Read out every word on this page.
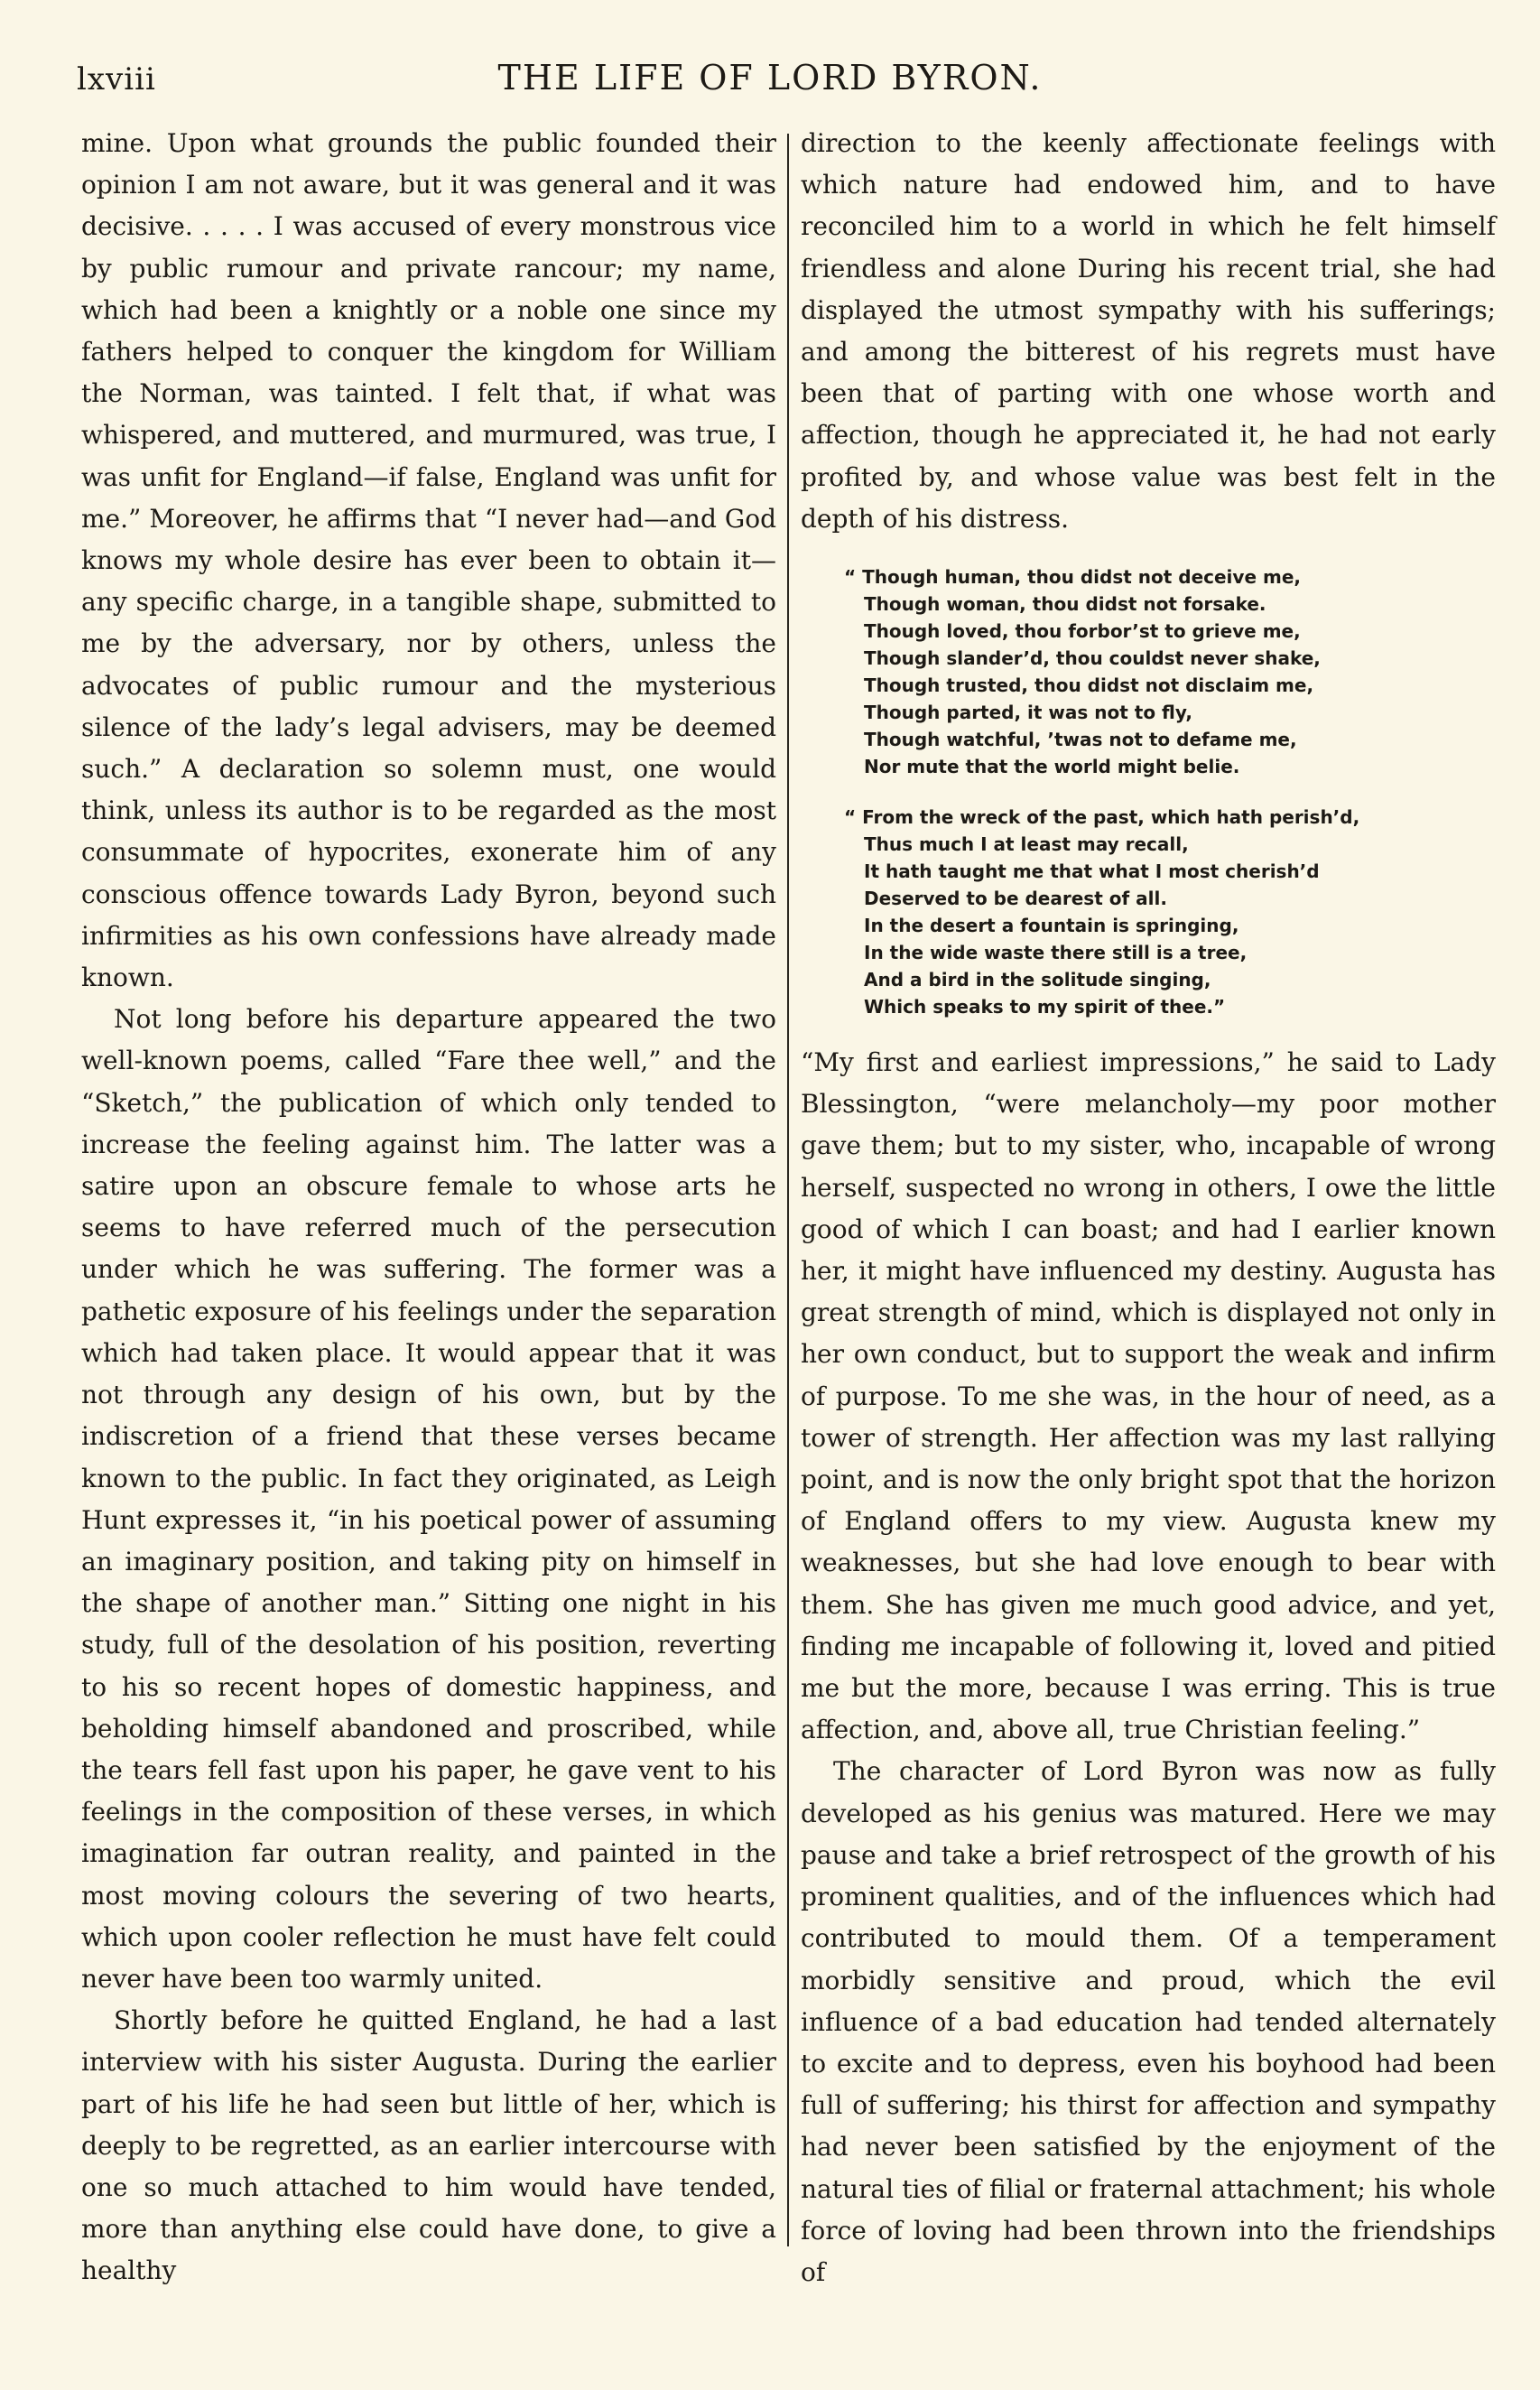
lxviii	THE LIFE OF LORD BYRON.

mine. Upon what grounds the public founded their opinion I am not aware, but it was general and it was decisive. . . . . I was accused of every monstrous vice by public rumour and private rancour; my name, which had been a knightly or a noble one since my fathers helped to conquer the kingdom for William the Norman, was tainted. I felt that, if what was whispered, and muttered, and murmured, was true, I was unfit for England—if false, England was unfit for me.” Moreover, he affirms that “I never had—and God knows my whole desire has ever been to obtain it—any specific charge, in a tangible shape, submitted to me by the adversary, nor by others, unless the advocates of public rumour and the mysterious silence of the lady’s legal advisers, may be deemed such.” A declaration so solemn must, one would think, unless its author is to be regarded as the most consummate of hypocrites, exonerate him of any conscious offence towards Lady Byron, beyond such infirmities as his own confessions have already made known.

Not long before his departure appeared the two well-known poems, called “Fare thee well,” and the “Sketch,” the publication of which only tended to increase the feeling against him. The latter was a satire upon an obscure female to whose arts he seems to have referred much of the persecution under which he was suffering. The former was a pathetic exposure of his feelings under the separation which had taken place. It would appear that it was not through any design of his own, but by the indiscretion of a friend that these verses became known to the public. In fact they originated, as Leigh Hunt expresses it, “in his poetical power of assuming an imaginary position, and taking pity on himself in the shape of another man.” Sitting one night in his study, full of the desolation of his position, reverting to his so recent hopes of domestic happiness, and beholding himself abandoned and proscribed, while the tears fell fast upon his paper, he gave vent to his feelings in the composition of these verses, in which imagination far outran reality, and painted in the most moving colours the severing of two hearts, which upon cooler reflection he must have felt could never have been too warmly united.

Shortly before he quitted England, he had a last interview with his sister Augusta. During the earlier part of his life he had seen but little of her, which is deeply to be regretted, as an earlier intercourse with one so much attached to him would have tended, more than anything else could have done, to give a healthy

direction to the keenly affectionate feelings with which nature had endowed him, and to have reconciled him to a world in which he felt himself friendless and alone During his recent trial, she had displayed the utmost sympathy with his sufferings; and among the bitterest of his regrets must have been that of parting with one whose worth and affection, though he appreciated it, he had not early profited by, and whose value was best felt in the depth of his distress.

“ Though human, thou didst not deceive me,
Though woman, thou didst not forsake.
Though loved, thou forbor’st to grieve me,
Though slander’d, thou couldst never shake,
Though trusted, thou didst not disclaim me,
Though parted, it was not to fly,
Though watchful, ’twas not to defame me,
Nor mute that the world might belie.
“ From the wreck of the past, which hath perish’d,
Thus much I at least may recall,
It hath taught me that what I most cherish’d
Deserved to be dearest of all.
In the desert a fountain is springing,
In the wide waste there still is a tree,
And a bird in the solitude singing,
Which speaks to my spirit of thee.”

“My first and earliest impressions,” he said to Lady Blessington, “were melancholy—my poor mother gave them; but to my sister, who, incapable of wrong herself, suspected no wrong in others, I owe the little good of which I can boast; and had I earlier known her, it might have influenced my destiny. Augusta has great strength of mind, which is displayed not only in her own conduct, but to support the weak and infirm of purpose. To me she was, in the hour of need, as a tower of strength. Her affection was my last rallying point, and is now the only bright spot that the horizon of England offers to my view. Augusta knew my weaknesses, but she had love enough to bear with them. She has given me much good advice, and yet, finding me incapable of following it, loved and pitied me but the more, because I was erring. This is true affection, and, above all, true Christian feeling.”

The character of Lord Byron was now as fully developed as his genius was matured. Here we may pause and take a brief retrospect of the growth of his prominent qualities, and of the influences which had contributed to mould them. Of a temperament morbidly sensitive and proud, which the evil influence of a bad education had tended alternately to excite and to depress, even his boyhood had been full of suffering; his thirst for affection and sympathy had never been satisfied by the enjoyment of the natural ties of filial or fraternal attachment; his whole force of loving had been thrown into the friendships of
